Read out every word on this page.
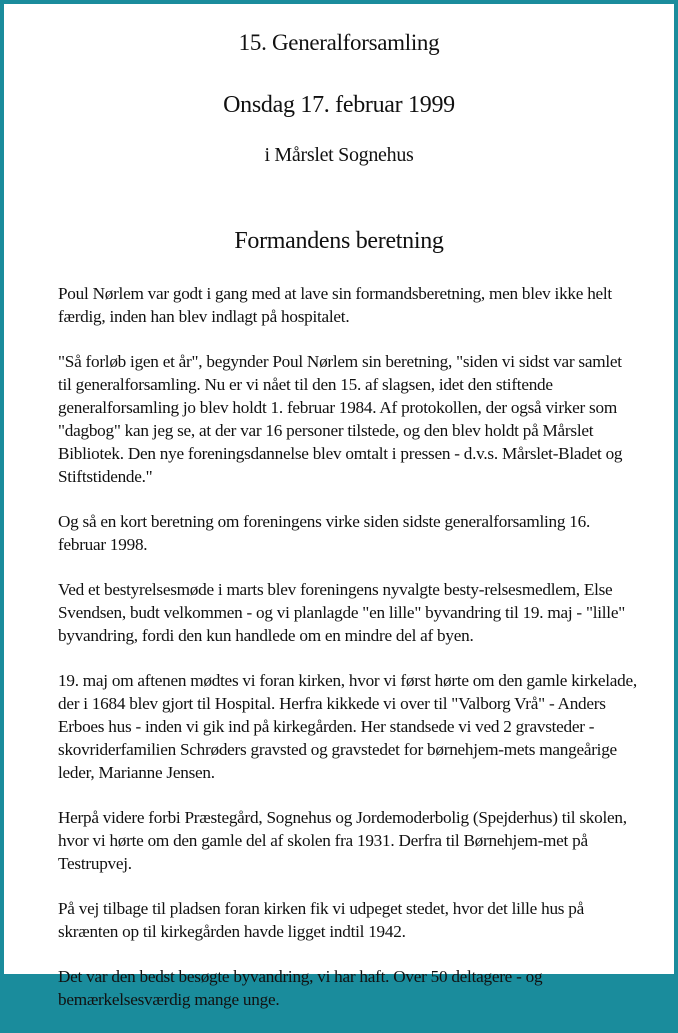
15. Generalforsamling
Onsdag 17. februar 1999
i Mårslet Sognehus
Formandens beretning

Poul Nørlem var godt i gang med at lave sin formandsberetning, men blev ikke helt færdig, inden han blev indlagt på hospitalet.

"Så forløb igen et år", begynder Poul Nørlem sin beretning, "siden vi sidst var samlet til generalforsamling. Nu er vi nået til den 15. af slagsen, idet den stiftende generalforsamling jo blev holdt 1. februar 1984. Af protokollen, der også virker som "dagbog" kan jeg se, at der var 16 personer tilstede, og den blev holdt på Mårslet Bibliotek. Den nye foreningsdannelse blev omtalt i pressen - d.v.s. Mårslet-Bladet og Stiftstidende."

Og så en kort beretning om foreningens virke siden sidste generalforsamling 16. februar 1998.

Ved et bestyrelsesmøde i marts blev foreningens nyvalgte besty-relsesmedlem, Else Svendsen, budt velkommen - og vi planlagde "en lille" byvandring til 19. maj - "lille" byvandring, fordi den kun handlede om en mindre del af byen.

19. maj om aftenen mødtes vi foran kirken, hvor vi først hørte om den gamle kirkelade, der i 1684 blev gjort til Hospital. Herfra kikkede vi over til "Valborg Vrå" - Anders Erboes hus - inden vi gik ind på kirkegården. Her standsede vi ved 2 gravsteder - skovriderfamilien Schrøders gravsted og gravstedet for børnehjem-mets mangeårige leder, Marianne Jensen.

Herpå videre forbi Præstegård, Sognehus og Jordemoderbolig (Spejderhus) til skolen, hvor vi hørte om den gamle del af skolen fra 1931. Derfra til Børnehjem-met på Testrupvej.

På vej tilbage til pladsen foran kirken fik vi udpeget stedet, hvor det lille hus på skrænten op til kirkegården havde ligget indtil 1942.

Det var den bedst besøgte byvandring, vi har haft. Over 50 deltagere - og bemærkelsesværdig mange unge.
